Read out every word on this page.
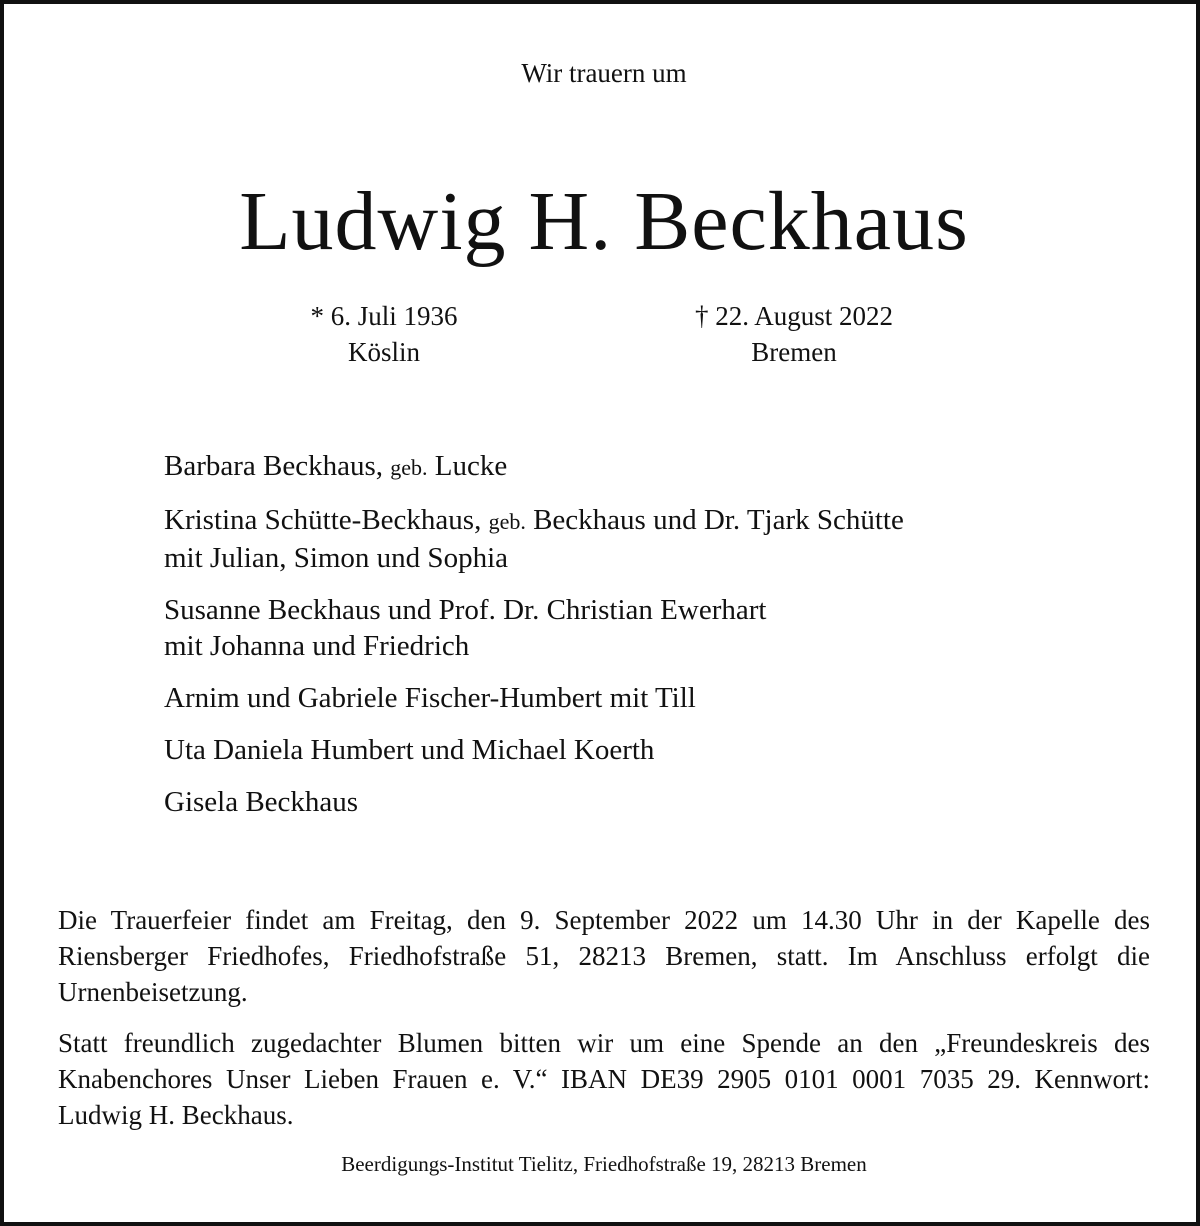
Wir trauern um
Ludwig H. Beckhaus
* 6. Juli 1936
Köslin
† 22. August 2022
Bremen
Barbara Beckhaus, geb. Lucke
Kristina Schütte-Beckhaus, geb. Beckhaus und Dr. Tjark Schütte
mit Julian, Simon und Sophia
Susanne Beckhaus und Prof. Dr. Christian Ewerhart
mit Johanna und Friedrich
Arnim und Gabriele Fischer-Humbert mit Till
Uta Daniela Humbert und Michael Koerth
Gisela Beckhaus
Die Trauerfeier findet am Freitag, den 9. September 2022 um 14.30 Uhr in der Kapelle des Riensberger Friedhofes, Friedhofstraße 51, 28213 Bremen, statt. Im Anschluss erfolgt die Urnenbeisetzung.
Statt freundlich zugedachter Blumen bitten wir um eine Spende an den „Freundeskreis des Knabenchores Unser Lieben Frauen e. V.“ IBAN DE39 2905 0101 0001 7035 29. Kennwort: Ludwig H. Beckhaus.
Beerdigungs-Institut Tielitz, Friedhofstraße 19, 28213 Bremen
